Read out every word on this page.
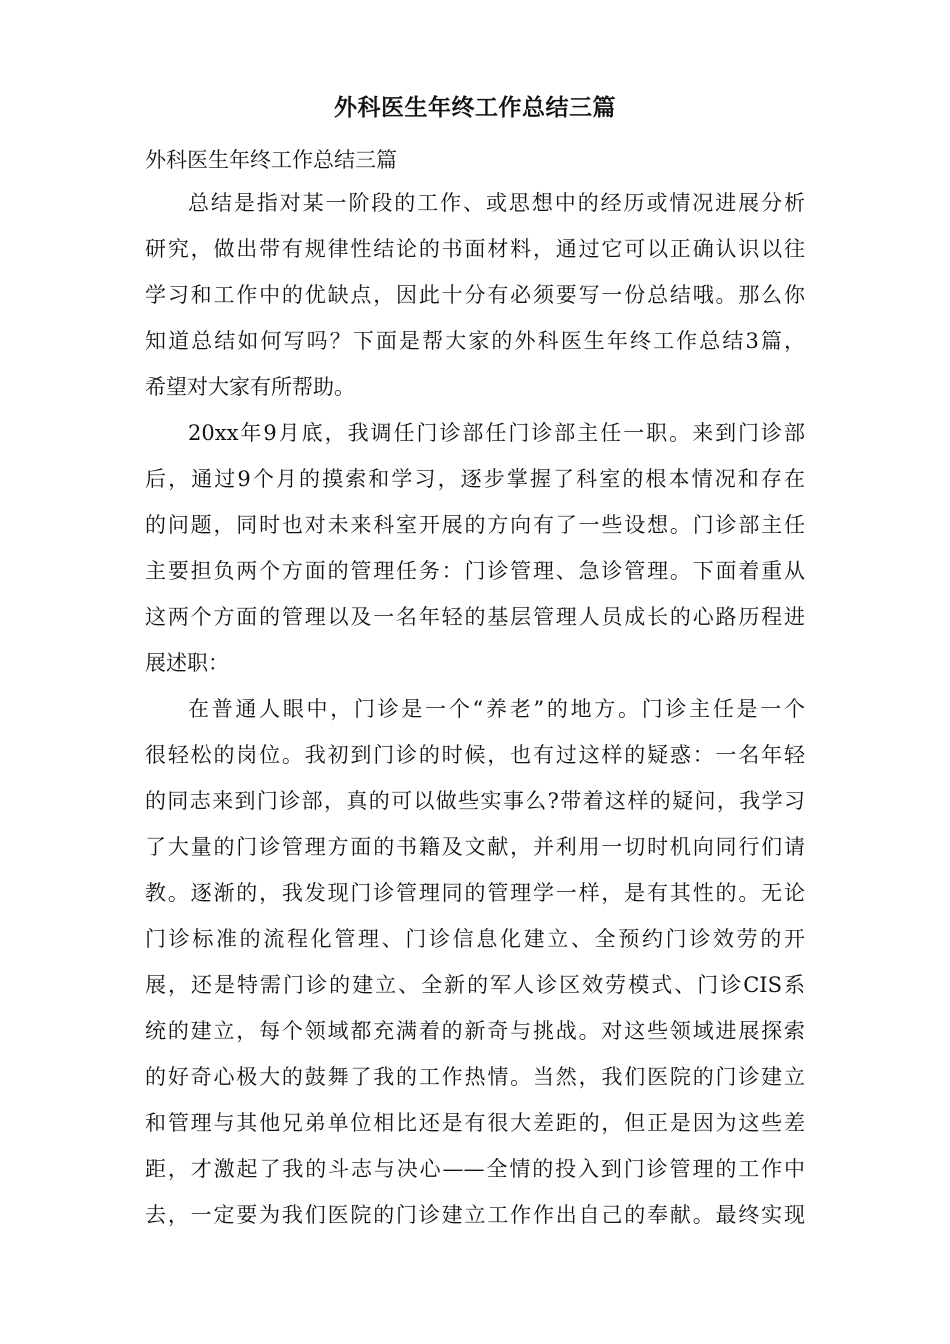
外科医生年终工作总结三篇
外科医生年终工作总结三篇
总结是指对某一阶段的工作、或思想中的经历或情况进展分析
研究，做出带有规律性结论的书面材料，通过它可以正确认识以往
学习和工作中的优缺点，因此十分有必须要写一份总结哦。那么你
知道总结如何写吗？下面是帮大家的外科医生年终工作总结3篇，
希望对大家有所帮助。
20xx年9月底，我调任门诊部任门诊部主任一职。来到门诊部
后，通过9个月的摸索和学习，逐步掌握了科室的根本情况和存在
的问题，同时也对未来科室开展的方向有了一些设想。门诊部主任
主要担负两个方面的管理任务：门诊管理、急诊管理。下面着重从
这两个方面的管理以及一名年轻的基层管理人员成长的心路历程进
展述职：
在普通人眼中，门诊是一个“养老”的地方。门诊主任是一个
很轻松的岗位。我初到门诊的时候，也有过这样的疑惑：一名年轻
的同志来到门诊部，真的可以做些实事么?带着这样的疑问，我学习
了大量的门诊管理方面的书籍及文献，并利用一切时机向同行们请
教。逐渐的，我发现门诊管理同的管理学一样，是有其性的。无论
门诊标准的流程化管理、门诊信息化建立、全预约门诊效劳的开
展，还是特需门诊的建立、全新的军人诊区效劳模式、门诊CIS系
统的建立，每个领域都充满着的新奇与挑战。对这些领域进展探索
的好奇心极大的鼓舞了我的工作热情。当然，我们医院的门诊建立
和管理与其他兄弟单位相比还是有很大差距的，但正是因为这些差
距，才激起了我的斗志与决心——全情的投入到门诊管理的工作中
去，一定要为我们医院的门诊建立工作作出自己的奉献。最终实现
